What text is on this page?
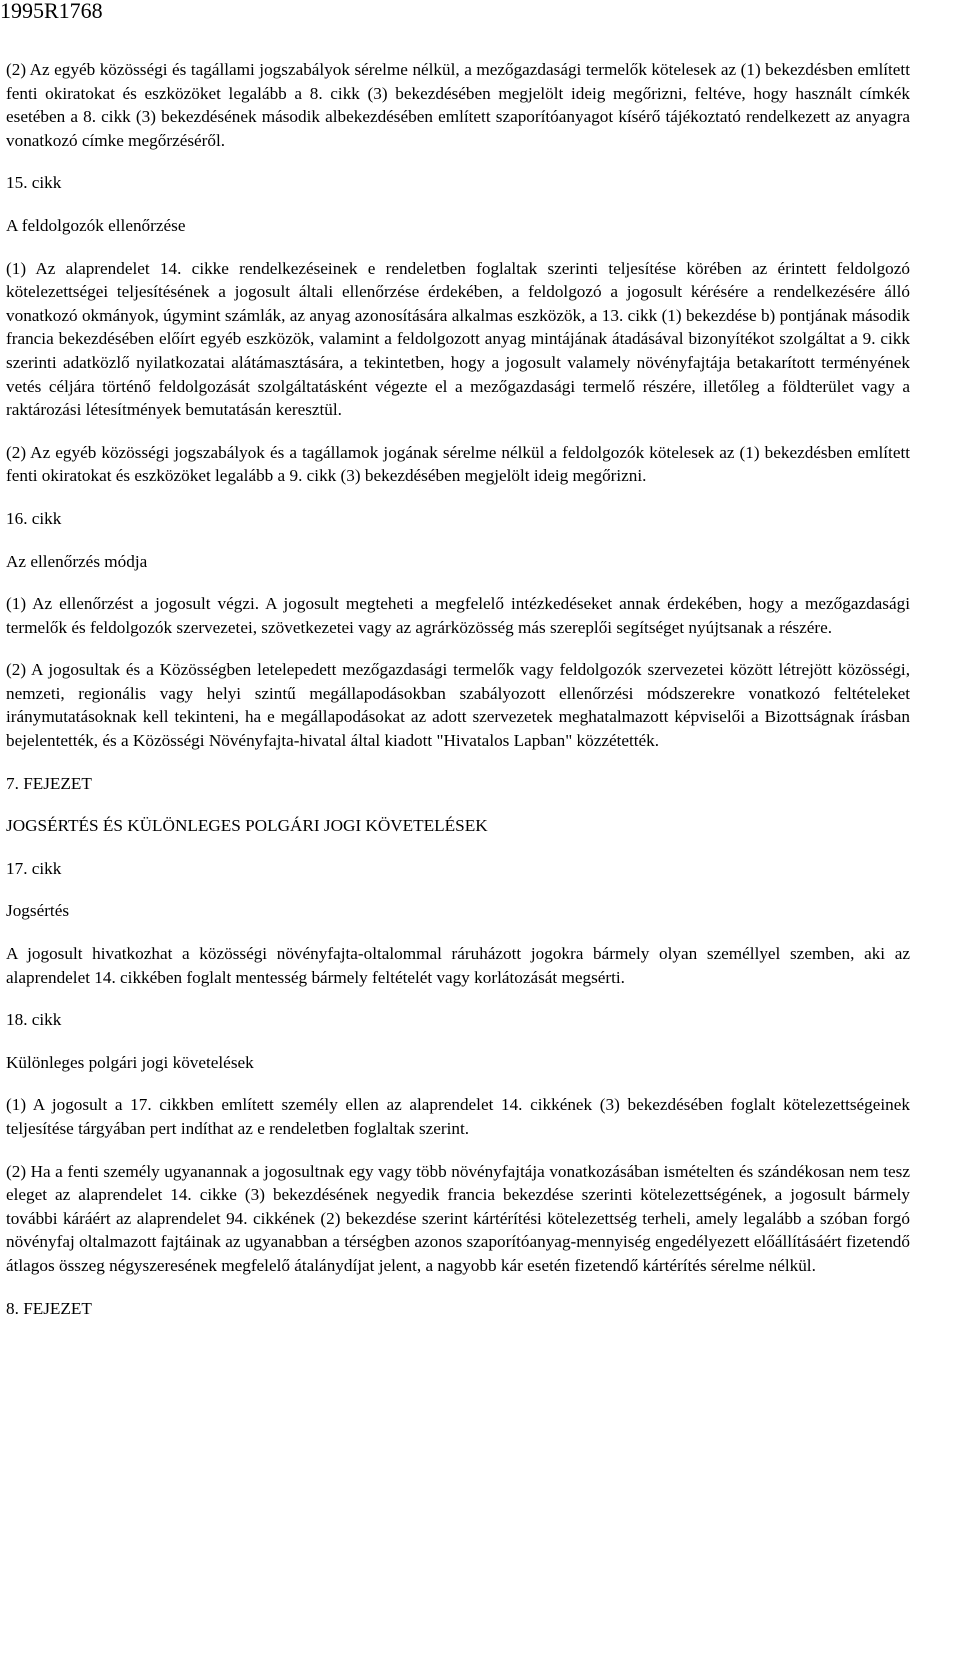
1995R1768

(2) Az egyéb közösségi és tagállami jogszabályok sérelme nélkül, a mezőgazdasági termelők kötelesek az (1) bekezdésben említett fenti okiratokat és eszközöket legalább a 8. cikk (3) bekezdésében megjelölt ideig megőrizni, feltéve, hogy használt címkék esetében a 8. cikk (3) bekezdésének második albekezdésében említett szaporítóanyagot kísérő tájékoztató rendelkezett az anyagra vonatkozó címke megőrzéséről.

15. cikk

A feldolgozók ellenőrzése

(1) Az alaprendelet 14. cikke rendelkezéseinek e rendeletben foglaltak szerinti teljesítése körében az érintett feldolgozó kötelezettségei teljesítésének a jogosult általi ellenőrzése érdekében, a feldolgozó a jogosult kérésére a rendelkezésére álló vonatkozó okmányok, úgymint számlák, az anyag azonosítására alkalmas eszközök, a 13. cikk (1) bekezdése b) pontjának második francia bekezdésében előírt egyéb eszközök, valamint a feldolgozott anyag mintájának átadásával bizonyítékot szolgáltat a 9. cikk szerinti adatközlő nyilatkozatai alátámasztására, a tekintetben, hogy a jogosult valamely növényfajtája betakarított terményének vetés céljára történő feldolgozását szolgáltatásként végezte el a mezőgazdasági termelő részére, illetőleg a földterület vagy a raktározási létesítmények bemutatásán keresztül.

(2) Az egyéb közösségi jogszabályok és a tagállamok jogának sérelme nélkül a feldolgozók kötelesek az (1) bekezdésben említett fenti okiratokat és eszközöket legalább a 9. cikk (3) bekezdésében megjelölt ideig megőrizni.

16. cikk

Az ellenőrzés módja

(1) Az ellenőrzést a jogosult végzi. A jogosult megteheti a megfelelő intézkedéseket annak érdekében, hogy a mezőgazdasági termelők és feldolgozók szervezetei, szövetkezetei vagy az agrárközösség más szereplői segítséget nyújtsanak a részére.

(2) A jogosultak és a Közösségben letelepedett mezőgazdasági termelők vagy feldolgozók szervezetei között létrejött közösségi, nemzeti, regionális vagy helyi szintű megállapodásokban szabályozott ellenőrzési módszerekre vonatkozó feltételeket iránymutatásoknak kell tekinteni, ha e megállapodásokat az adott szervezetek meghatalmazott képviselői a Bizottságnak írásban bejelentették, és a Közösségi Növényfajta-hivatal által kiadott "Hivatalos Lapban" közzétették.

7. FEJEZET

JOGSÉRTÉS ÉS KÜLÖNLEGES POLGÁRI JOGI KÖVETELÉSEK

17. cikk

Jogsértés

A jogosult hivatkozhat a közösségi növényfajta-oltalommal ráruházott jogokra bármely olyan személlyel szemben, aki az alaprendelet 14. cikkében foglalt mentesség bármely feltételét vagy korlátozását megsérti.

18. cikk

Különleges polgári jogi követelések

(1) A jogosult a 17. cikkben említett személy ellen az alaprendelet 14. cikkének (3) bekezdésében foglalt kötelezettségeinek teljesítése tárgyában pert indíthat az e rendeletben foglaltak szerint.

(2) Ha a fenti személy ugyanannak a jogosultnak egy vagy több növényfajtája vonatkozásában ismételten és szándékosan nem tesz eleget az alaprendelet 14. cikke (3) bekezdésének negyedik francia bekezdése szerinti kötelezettségének, a jogosult bármely további káráért az alaprendelet 94. cikkének (2) bekezdése szerint kártérítési kötelezettség terheli, amely legalább a szóban forgó növényfaj oltalmazott fajtáinak az ugyanabban a térségben azonos szaporítóanyag-mennyiség engedélyezett előállításáért fizetendő átlagos összeg négyszeresének megfelelő átalánydíjat jelent, a nagyobb kár esetén fizetendő kártérítés sérelme nélkül.

8. FEJEZET
